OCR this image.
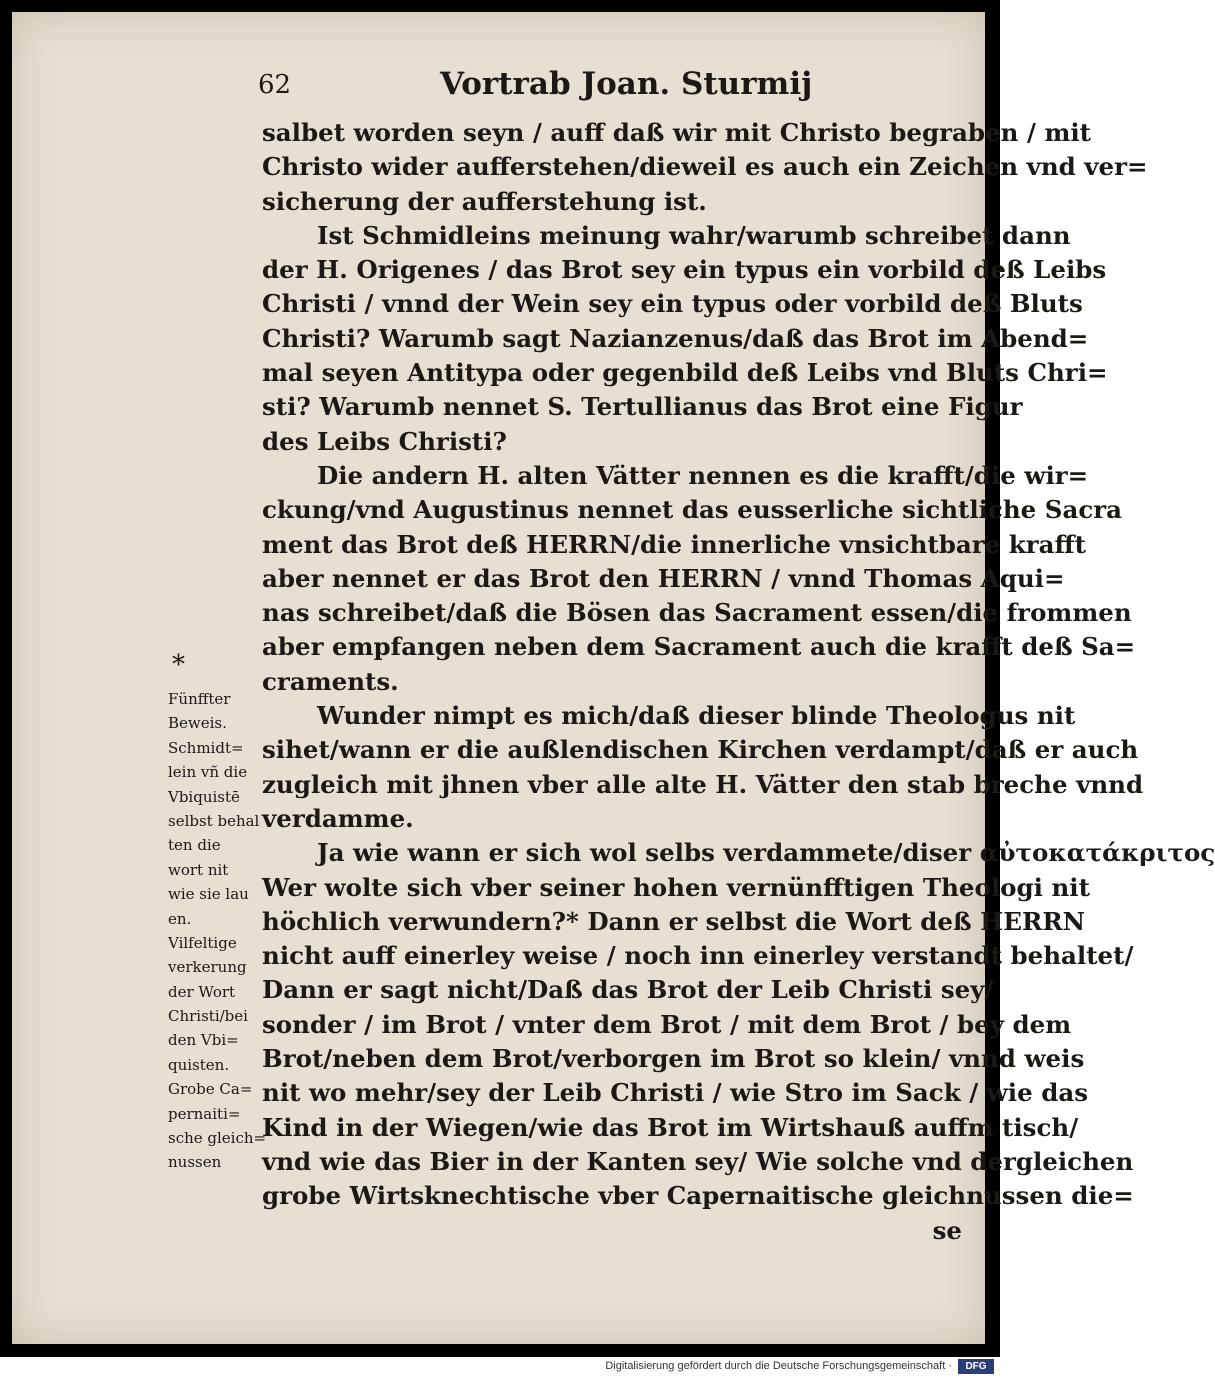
62	Vortrab Joan. Sturmij
salbet worden seyn / auff daß wir mit Christo begraben / mit
Christo wider aufferstehen/dieweil es auch ein Zeichen vnd ver=
sicherung der aufferstehung ist.
Ist Schmidleins meinung wahr/warumb schreibet dann
der H. Origenes / das Brot sey ein typus ein vorbild deß Leibs
Christi / vnnd der Wein sey ein typus oder vorbild deß Bluts
Christi? Warumb sagt Nazianzenus/daß das Brot im Abend=
mal seyen Antitypa oder gegenbild deß Leibs vnd Bluts Chri=
sti? Warumb nennet S. Tertullianus das Brot eine Figur
des Leibs Christi?
Die andern H. alten Vätter nennen es die krafft/die wir=
ckung/vnd Augustinus nennet das eusserliche sichtliche Sacra
ment das Brot deß HERRN/die innerliche vnsichtbare krafft
aber nennet er das Brot den HERRN / vnnd Thomas Aqui=
nas schreibet/daß die Bösen das Sacrament essen/die frommen
aber empfangen neben dem Sacrament auch die krafft deß Sa=
craments.
Wunder nimpt es mich/daß dieser blinde Theologus nit
sihet/wann er die außlendischen Kirchen verdampt/daß er auch
zugleich mit jhnen vber alle alte H. Vätter den stab breche vnnd
verdamme.
Ja wie wann er sich wol selbs verdammete/diser αὐτοκατάκριτος
Wer wolte sich vber seiner hohen vernünfftigen Theologi nit
höchlich verwundern?* Dann er selbst die Wort deß HERRN
nicht auff einerley weise / noch inn einerley verstandt behaltet/
Dann er sagt nicht/Daß das Brot der Leib Christi sey/
sonder / im Brot / vnter dem Brot / mit dem Brot / bey dem
Brot/neben dem Brot/verborgen im Brot so klein/ vnnd weis
nit wo mehr/sey der Leib Christi / wie Stro im Sack / wie das
Kind in der Wiegen/wie das Brot im Wirtshauß auffm tisch/
vnd wie das Bier in der Kanten sey/ Wie solche vnd dergleichen
grobe Wirtsknechtische vber Capernaitische gleichnussen die=
se
*
Fünffter
Beweis.
Schmidt=
lein vñ die
Vbiquistē
selbst behal
ten die
wort nit
wie sie lau
en.
Vilfeltige
verkerung
der Wort
Christi/bei
den Vbi=
quisten.
Grobe Ca=
pernaiti=
sche gleich=
nussen
Digitalisierung gefördert durch die Deutsche Forschungsgemeinschaft ·	DFG
